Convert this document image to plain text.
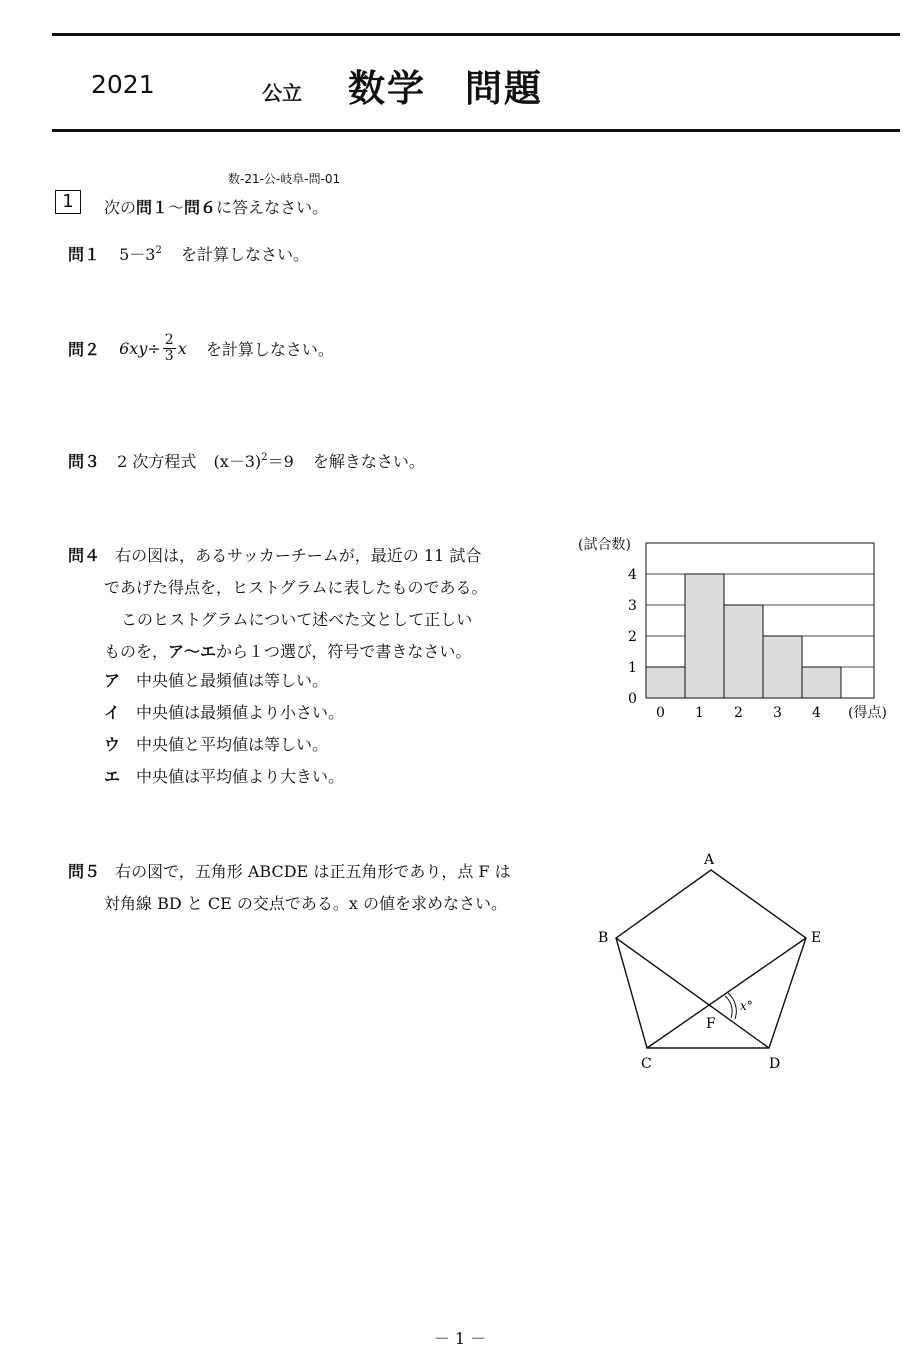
2021	公立 数学　問題
数-21-公-岐阜-問-01
1	次の問１～問６に答えなさい。
問１ $5-3^2$ を計算しなさい。
問２ $6xy\div \frac{2}{3}$ x を計算しなさい。
問３ 2 次方程式 $(x-3)^2=9$ を解きなさい。
問４ 右の図は，あるサッカーチームが，最近の 11 試合
であげた得点を，ヒストグラムに表したものである。
このヒストグラムについて述べた文として正しい
ものを，ア～エから１つ選び，符号で書きなさい。
ア 中央値と最頻値は等しい。
イ 中央値は最頻値より小さい。
ウ 中央値と平均値は等しい。
エ 中央値は平均値より大きい。
0
1
2
3
4
0 1 2 3 4
(試合数)
(得点)
問５ 右の図で，五角形 ABCDE は正五角形であり，点 F は
対角線 BD と CE の交点である。x の値を求めなさい。
A
B	E
C	D
F
x°
－ 1 －
